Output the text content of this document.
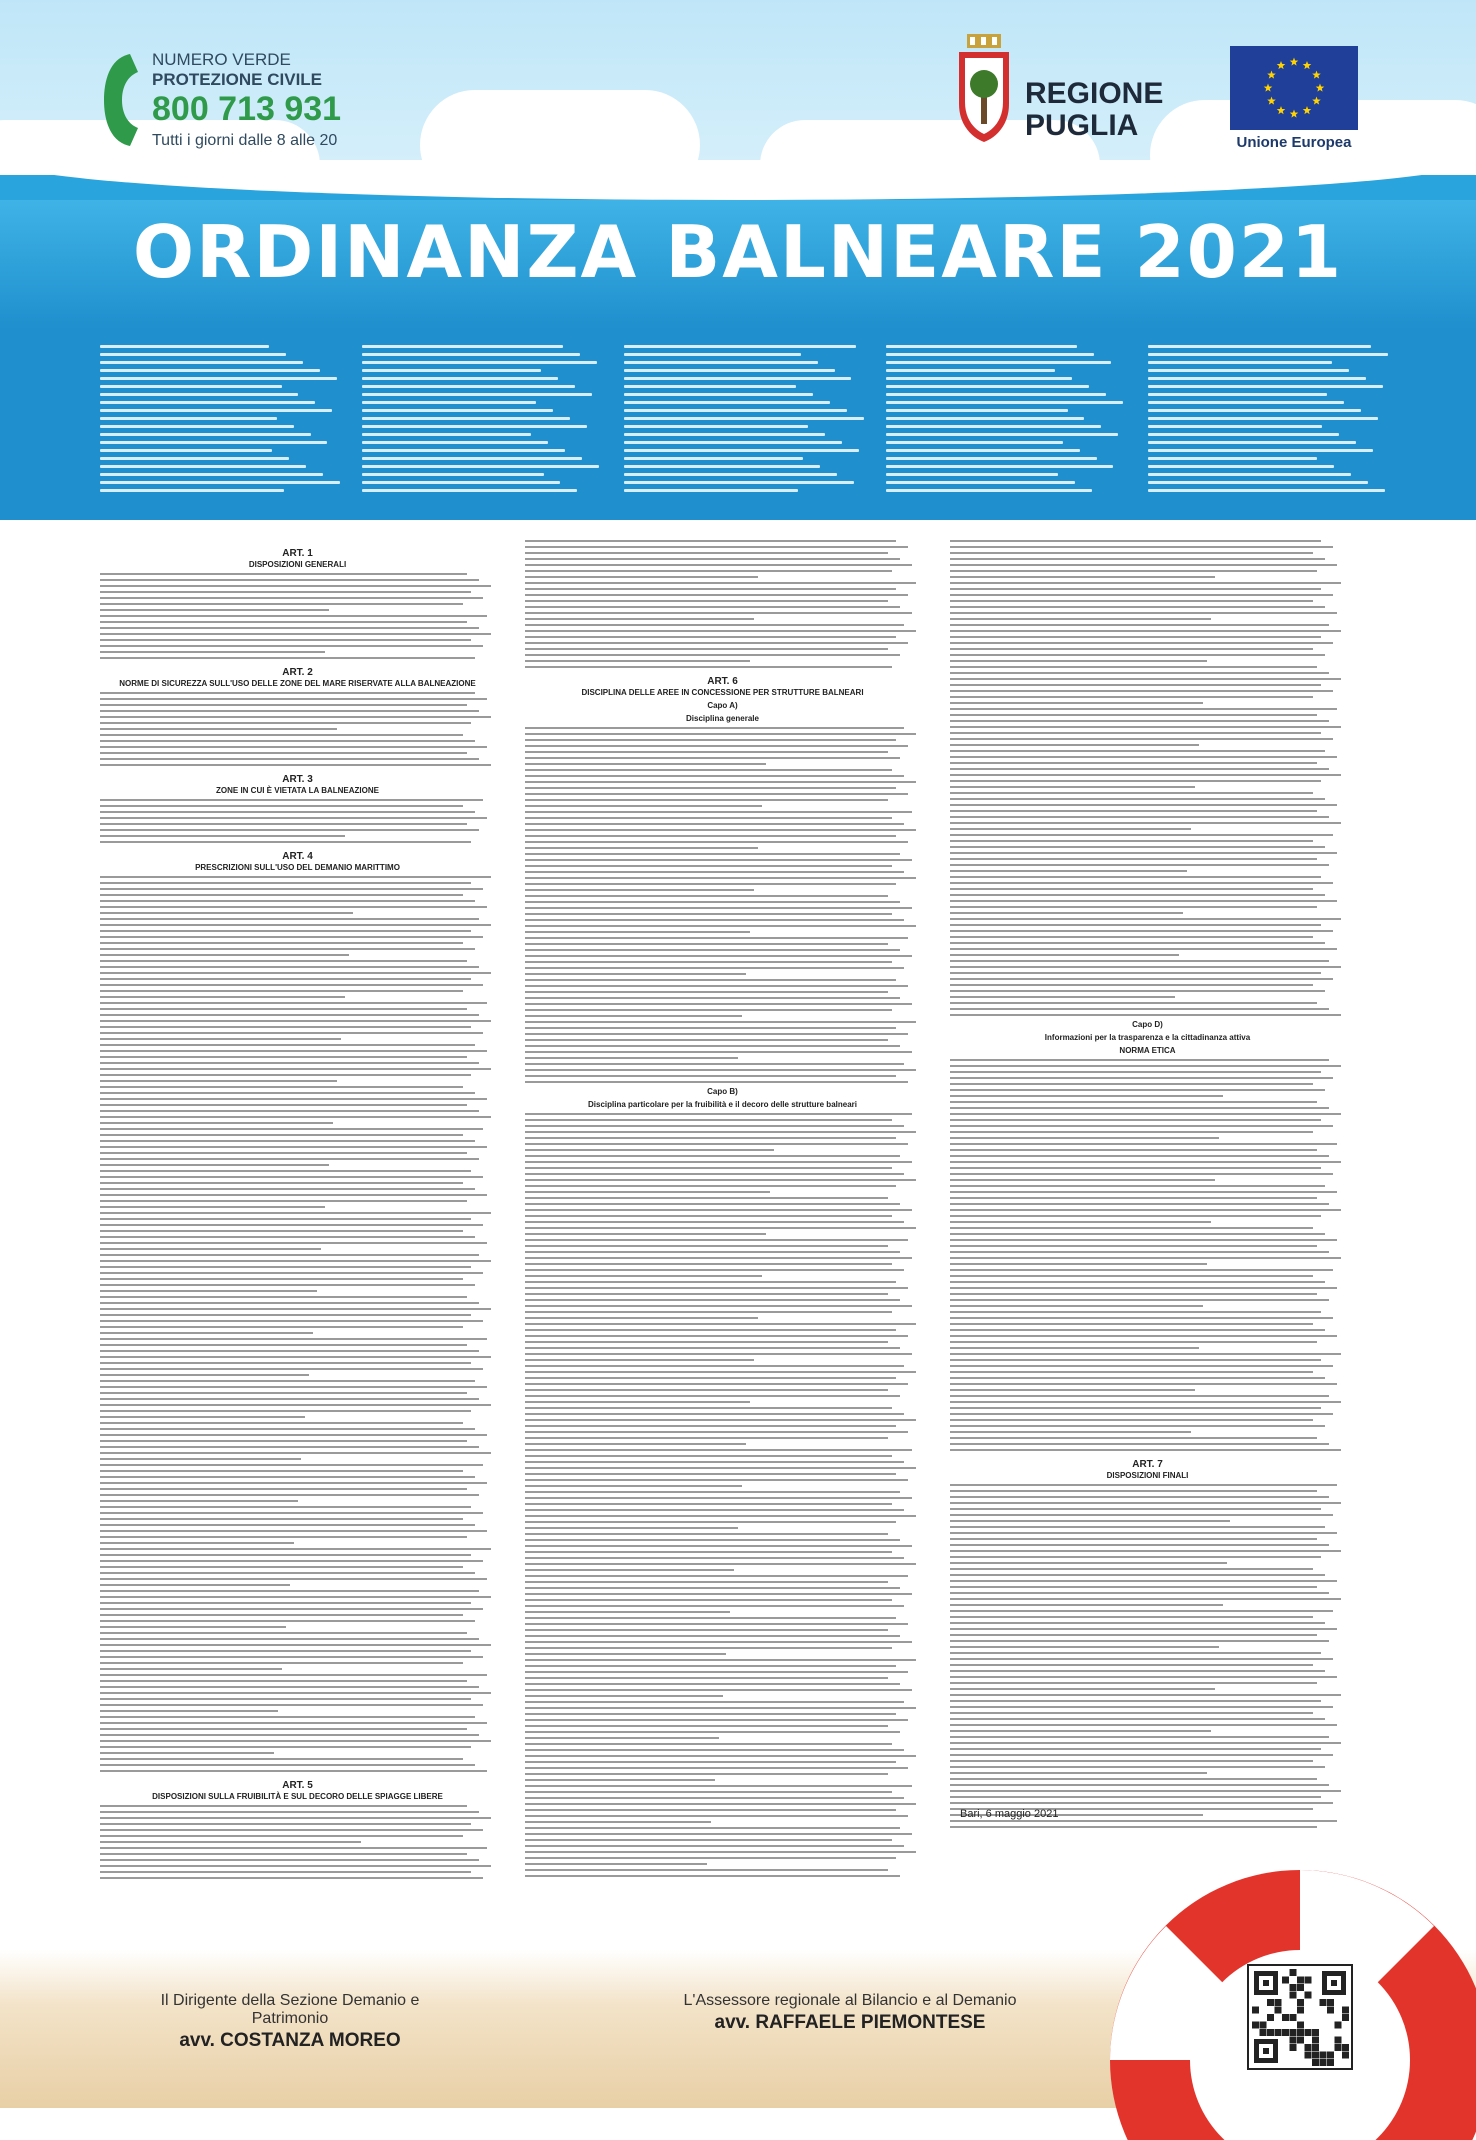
ORDINANZA BALNEARE 2021
NUMERO VERDE
PROTEZIONE CIVILE
800 713 931
Tutti i giorni dalle 8 alle 20
REGIONE PUGLIA
Unione Europea
ART. 1
DISPOSIZIONI GENERALI
ART. 2
NORME DI SICUREZZA SULL'USO DELLE ZONE DEL MARE RISERVATE ALLA BALNEAZIONE
ART. 3
ZONE IN CUI È VIETATA LA BALNEAZIONE
ART. 4
PRESCRIZIONI SULL'USO DEL DEMANIO MARITTIMO
ART. 5
DISPOSIZIONI SULLA FRUIBILITÀ E SUL DECORO DELLE SPIAGGE LIBERE
ART. 6
DISCIPLINA DELLE AREE IN CONCESSIONE PER STRUTTURE BALNEARI
Capo A)
Disciplina generale
Capo B)
Disciplina particolare per la fruibilità e il decoro delle strutture balneari
Capo D)
Informazioni per la trasparenza e la cittadinanza attiva
NORMA ETICA
ART. 7
DISPOSIZIONI FINALI
Bari, 6 maggio 2021
Il Dirigente della Sezione Demanio e Patrimonio
avv. COSTANZA MOREO
L'Assessore regionale al Bilancio e al Demanio
avv. RAFFAELE PIEMONTESE
